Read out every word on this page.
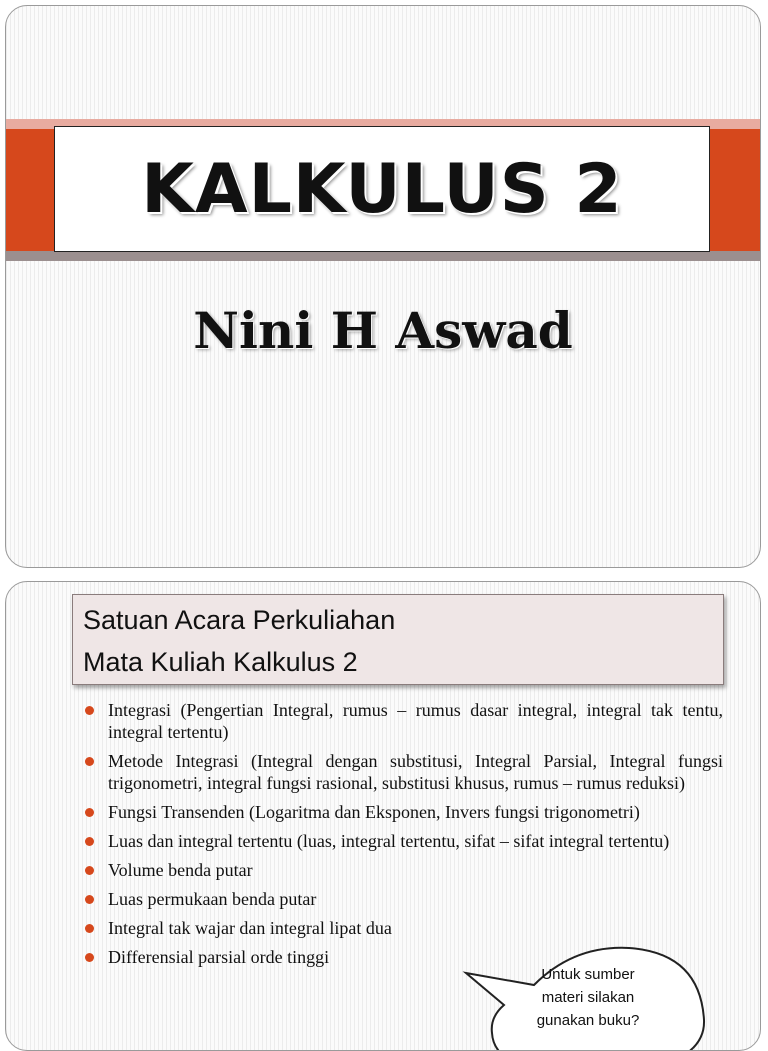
KALKULUS 2
Nini H Aswad
Satuan Acara Perkuliahan
Mata Kuliah Kalkulus 2
Integrasi (Pengertian Integral, rumus – rumus dasar integral, integral tak tentu, integral tertentu)
Metode Integrasi (Integral dengan substitusi, Integral Parsial, Integral fungsi trigonometri, integral fungsi rasional, substitusi khusus, rumus – rumus reduksi)
Fungsi Transenden (Logaritma dan Eksponen, Invers fungsi trigonometri)
Luas dan integral tertentu (luas, integral tertentu, sifat – sifat integral tertentu)
Volume benda putar
Luas permukaan benda putar
Integral tak wajar dan integral lipat dua
Differensial parsial orde tinggi
Untuk sumber
materi silakan
gunakan buku?
